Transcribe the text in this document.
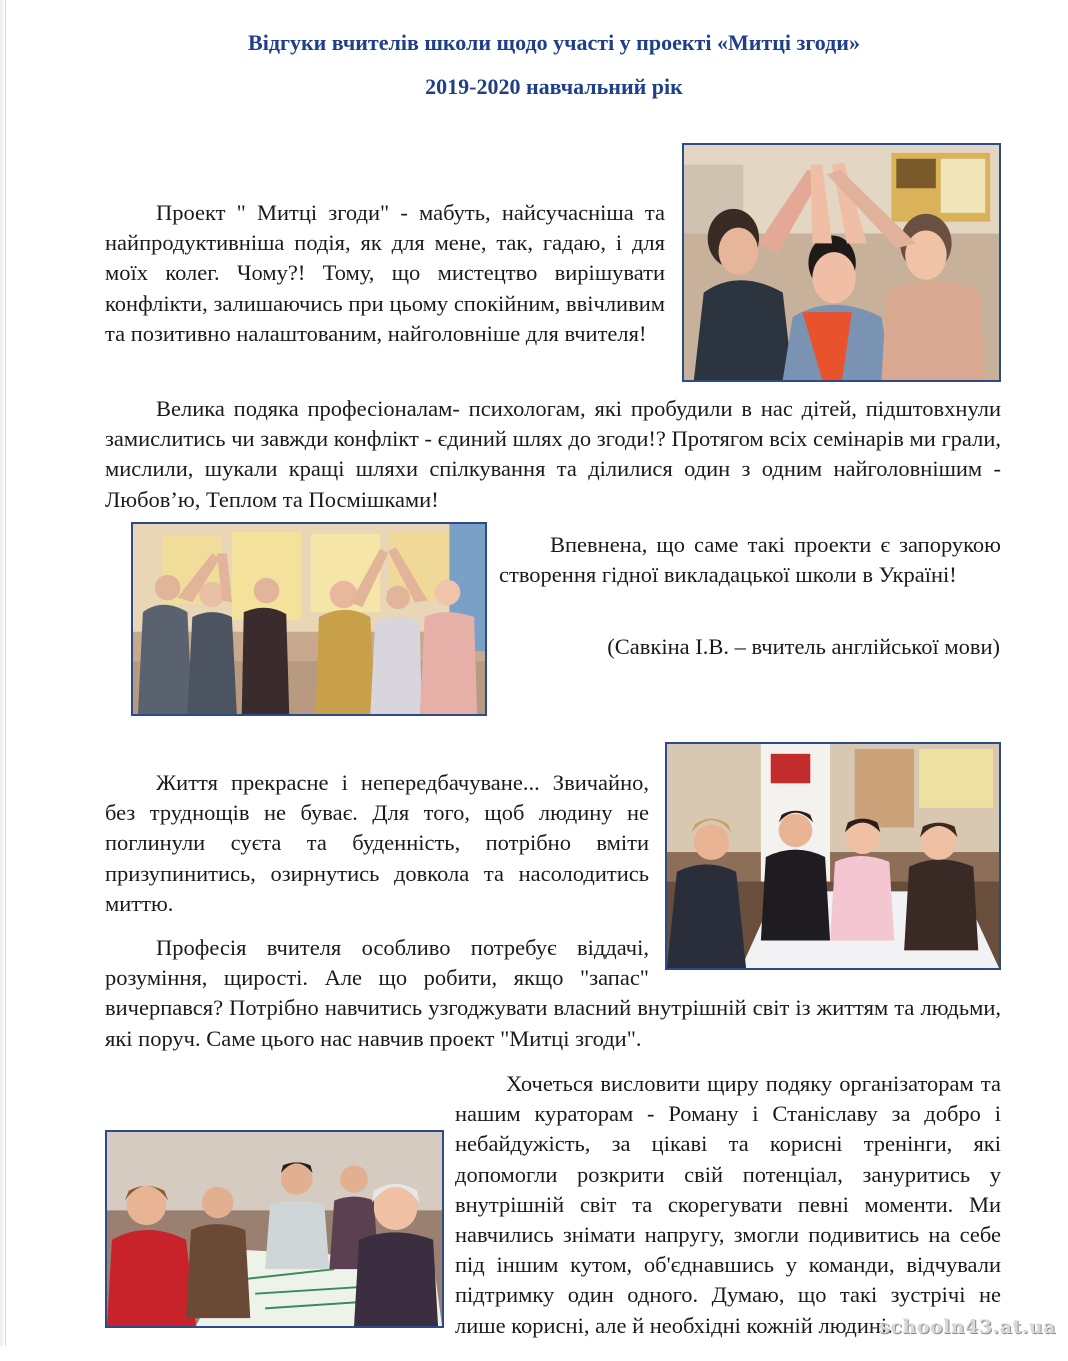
Відгуки вчителів школи щодо участі у проекті «Митці згоди»
2019-2020 навчальний рік

Проект " Митці згоди" - мабуть, найсучасніша та найпродуктивніша подія, як для мене, так, гадаю, і для моїх колег. Чому?! Тому, що мистецтво вирішувати конфлікти, залишаючись при цьому спокійним, ввічливим та позитивно налаштованим, найголовніше для вчителя!

Велика подяка професіоналам- психологам, які пробудили в нас дітей, підштовхнули замислитись чи завжди конфлікт - єдиний шлях до згоди!? Протягом всіх семінарів ми грали, мислили, шукали кращі шляхи спілкування та ділилися один з одним найголовнішим - Любов’ю, Теплом та Посмішками!

Впевнена, що саме такі проекти є запорукою створення гідної викладацької школи в Україні!

(Савкіна І.В. – вчитель англійської мови)

Життя прекрасне і непередбачуване... Звичайно, без труднощів не буває. Для того, щоб людину не поглинули суєта та буденність, потрібно вміти призупинитись, озирнутись довкола та насолодитись миттю.

Професія вчителя особливо потребує віддачі, розуміння, щирості. Але що робити, якщо "запас" вичерпався? Потрібно навчитись узгоджувати власний внутрішній світ із життям та людьми, які поруч. Саме цього нас навчив проект "Митці згоди".

Хочеться висловити щиру подяку організаторам та нашим кураторам - Роману і Станіславу за добро і небайдужість, за цікаві та корисні тренінги, які допомогли розкрити свій потенціал, зануритись у внутрішній світ та скорегувати певні моменти. Ми навчились знімати напругу, змогли подивитись на себе під іншим кутом, об'єднавшись у команди, відчували підтримку один одного. Думаю, що такі зустрічі не лише корисні, але й необхідні кожній людині.

schooln43.at.ua
